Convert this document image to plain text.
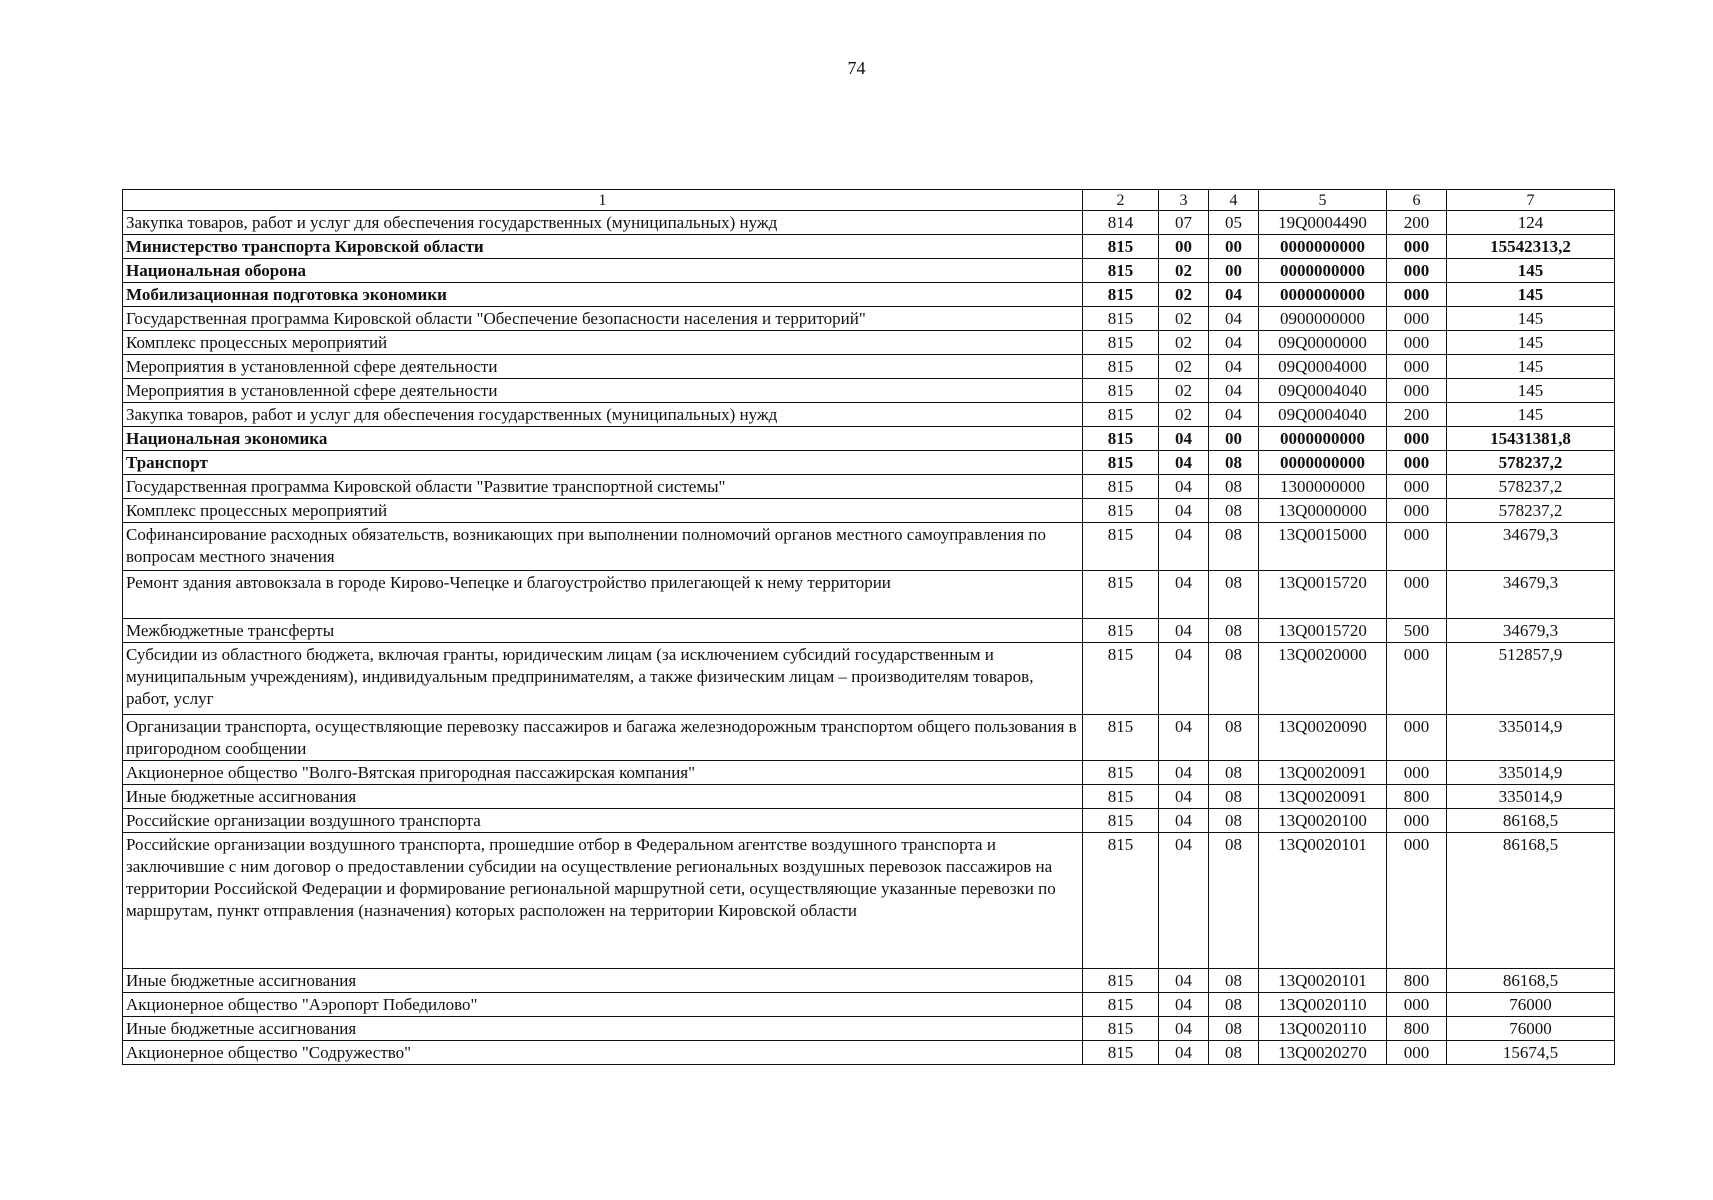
74
1	2	3	4	5	6	7
Закупка товаров, работ и услуг для обеспечения государственных (муниципальных) нужд	814	07	05	19Q0004490	200	124
Министерство транспорта Кировской области	815	00	00	0000000000	000	15542313,2
Национальная оборона	815	02	00	0000000000	000	145
Мобилизационная подготовка экономики	815	02	04	0000000000	000	145
Государственная программа Кировской области "Обеспечение безопасности населения и территорий"	815	02	04	0900000000	000	145
Комплекс процессных мероприятий	815	02	04	09Q0000000	000	145
Мероприятия в установленной сфере деятельности	815	02	04	09Q0004000	000	145
Мероприятия в установленной сфере деятельности	815	02	04	09Q0004040	000	145
Закупка товаров, работ и услуг для обеспечения государственных (муниципальных) нужд	815	02	04	09Q0004040	200	145
Национальная экономика	815	04	00	0000000000	000	15431381,8
Транспорт	815	04	08	0000000000	000	578237,2
Государственная программа Кировской области "Развитие транспортной системы"	815	04	08	1300000000	000	578237,2
Комплекс процессных мероприятий	815	04	08	13Q0000000	000	578237,2
Софинансирование расходных обязательств, возникающих при выполнении полномочий органов местного самоуправления по вопросам местного значения	815	04	08	13Q0015000	000	34679,3
Ремонт здания автовокзала в городе Кирово-Чепецке и благоустройство прилегающей к нему территории	815	04	08	13Q0015720	000	34679,3
Межбюджетные трансферты	815	04	08	13Q0015720	500	34679,3
Субсидии из областного бюджета, включая гранты, юридическим лицам (за исключением субсидий государственным и муниципальным учреждениям), индивидуальным предпринимателям, а также физическим лицам – производителям товаров, работ, услуг	815	04	08	13Q0020000	000	512857,9
Организации транспорта, осуществляющие перевозку пассажиров и багажа железнодорожным транспортом общего пользования в пригородном сообщении	815	04	08	13Q0020090	000	335014,9
Акционерное общество "Волго-Вятская пригородная пассажирская компания"	815	04	08	13Q0020091	000	335014,9
Иные бюджетные ассигнования	815	04	08	13Q0020091	800	335014,9
Российские организации воздушного транспорта	815	04	08	13Q0020100	000	86168,5
Российские организации воздушного транспорта, прошедшие отбор в Федеральном агентстве воздушного транспорта и заключившие с ним договор о предоставлении субсидии на осуществление региональных воздушных перевозок пассажиров на территории Российской Федерации и формирование региональной маршрутной сети, осуществляющие указанные перевозки по маршрутам, пункт отправления (назначения) которых расположен на территории Кировской области	815	04	08	13Q0020101	000	86168,5
Иные бюджетные ассигнования	815	04	08	13Q0020101	800	86168,5
Акционерное общество "Аэропорт Победилово"	815	04	08	13Q0020110	000	76000
Иные бюджетные ассигнования	815	04	08	13Q0020110	800	76000
Акционерное общество "Содружество"	815	04	08	13Q0020270	000	15674,5
